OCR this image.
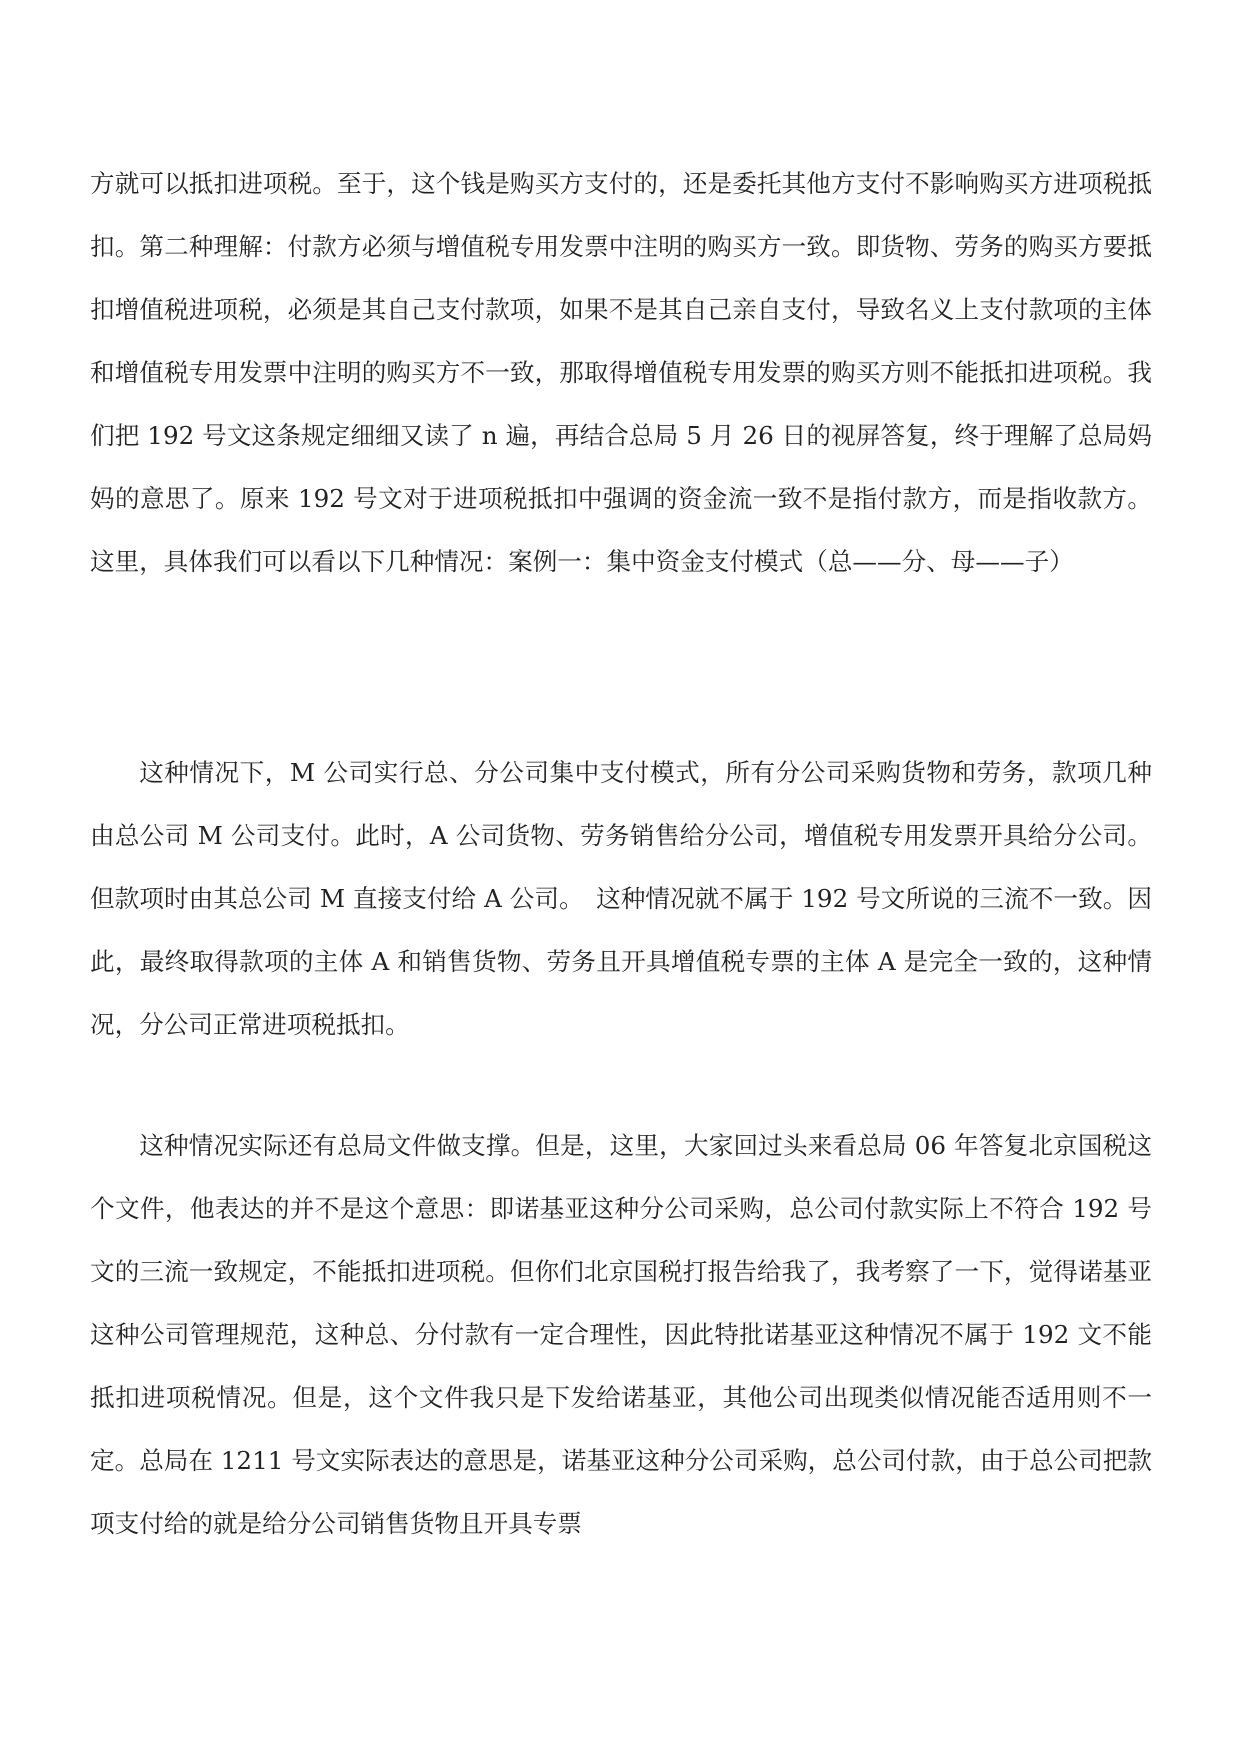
方就可以抵扣进项税。至于，这个钱是购买方支付的，还是委托其他方支付不影响购买方进项税抵扣。第二种理解：付款方必须与增值税专用发票中注明的购买方一致。即货物、劳务的购买方要抵扣增值税进项税，必须是其自己支付款项，如果不是其自己亲自支付，导致名义上支付款项的主体和增值税专用发票中注明的购买方不一致，那取得增值税专用发票的购买方则不能抵扣进项税。我们把 192 号文这条规定细细又读了 n 遍，再结合总局 5 月 26 日的视屏答复，终于理解了总局妈妈的意思了。原来 192 号文对于进项税抵扣中强调的资金流一致不是指付款方，而是指收款方。这里，具体我们可以看以下几种情况：案例一：集中资金支付模式（总——分、母——子）

这种情况下，M 公司实行总、分公司集中支付模式，所有分公司采购货物和劳务，款项几种由总公司 M 公司支付。此时，A 公司货物、劳务销售给分公司，增值税专用发票开具给分公司。但款项时由其总公司 M 直接支付给 A 公司。　这种情况就不属于 192 号文所说的三流不一致。因此，最终取得款项的主体 A 和销售货物、劳务且开具增值税专票的主体 A 是完全一致的，这种情况，分公司正常进项税抵扣。

这种情况实际还有总局文件做支撑。但是，这里，大家回过头来看总局 06 年答复北京国税这个文件，他表达的并不是这个意思：即诺基亚这种分公司采购，总公司付款实际上不符合 192 号文的三流一致规定，不能抵扣进项税。但你们北京国税打报告给我了，我考察了一下，觉得诺基亚这种公司管理规范，这种总、分付款有一定合理性，因此特批诺基亚这种情况不属于 192 文不能抵扣进项税情况。但是，这个文件我只是下发给诺基亚，其他公司出现类似情况能否适用则不一定。总局在 1211 号文实际表达的意思是，诺基亚这种分公司采购，总公司付款，由于总公司把款项支付给的就是给分公司销售货物且开具专票
